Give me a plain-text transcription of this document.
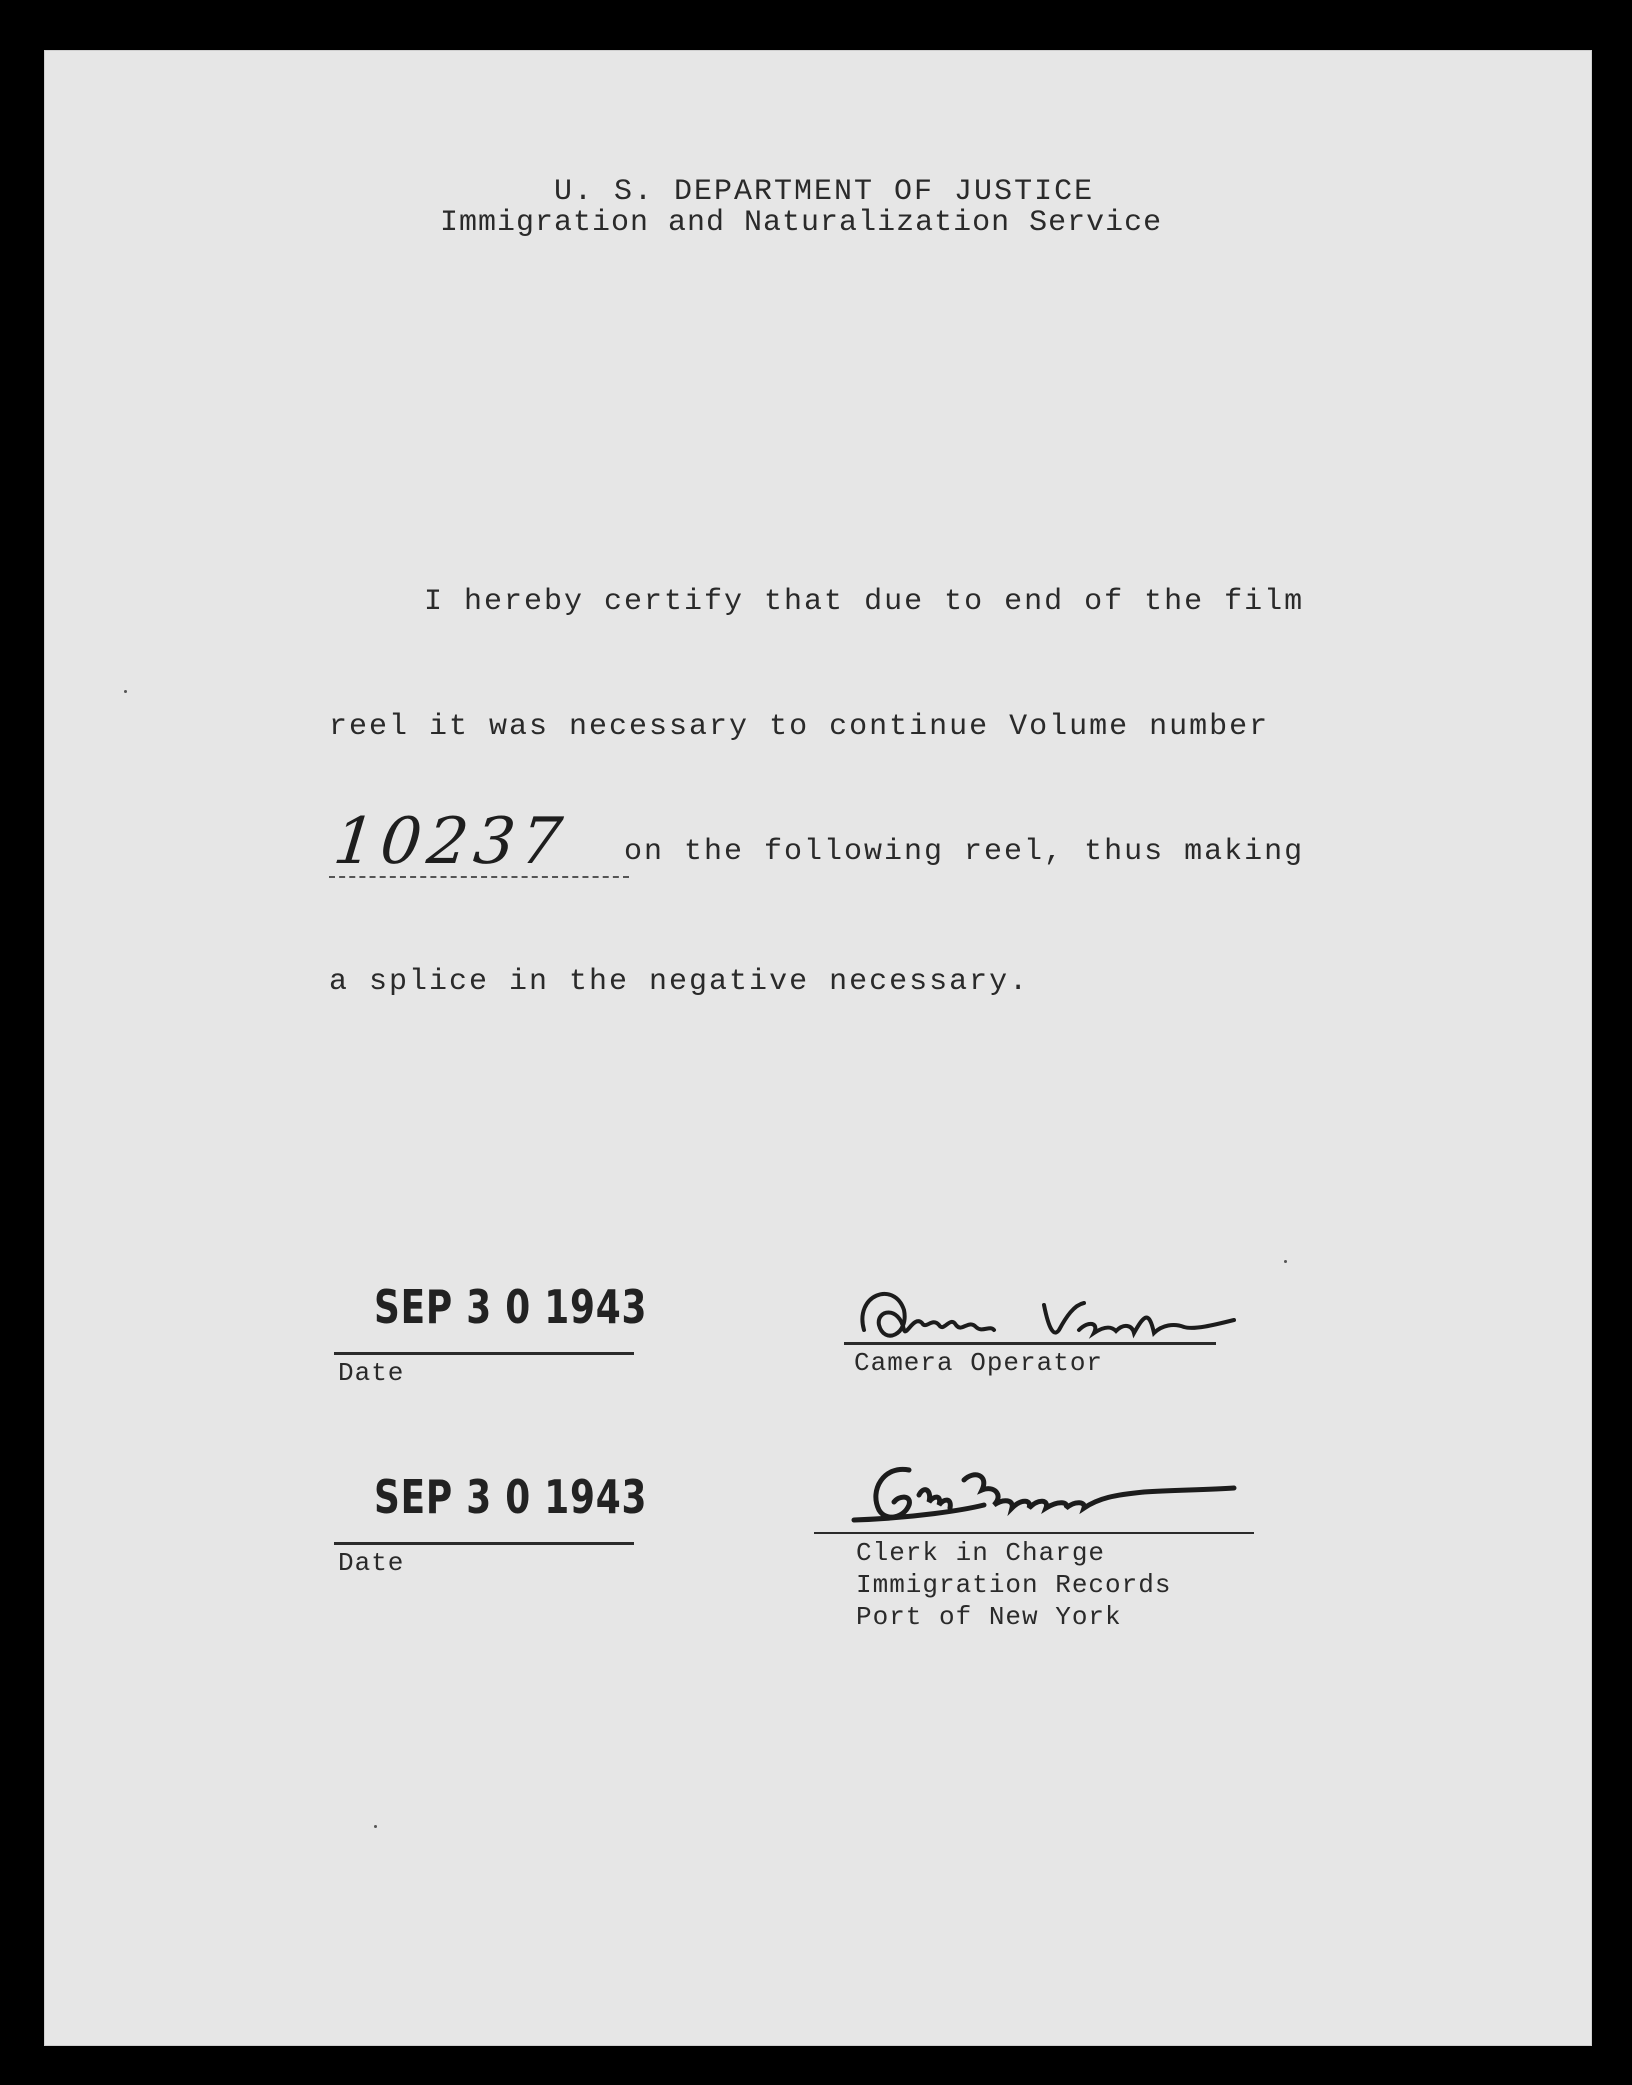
U. S. DEPARTMENT OF JUSTICE
Immigration and Naturalization Service
I hereby certify that due to end of the film
reel it was necessary to continue Volume number
10237 on the following reel, thus making
a splice in the negative necessary.
SEP 3 0 1943
Date	Camera Operator
SEP 3 0 1943
Date	Clerk in Charge
Immigration Records
Port of New York
